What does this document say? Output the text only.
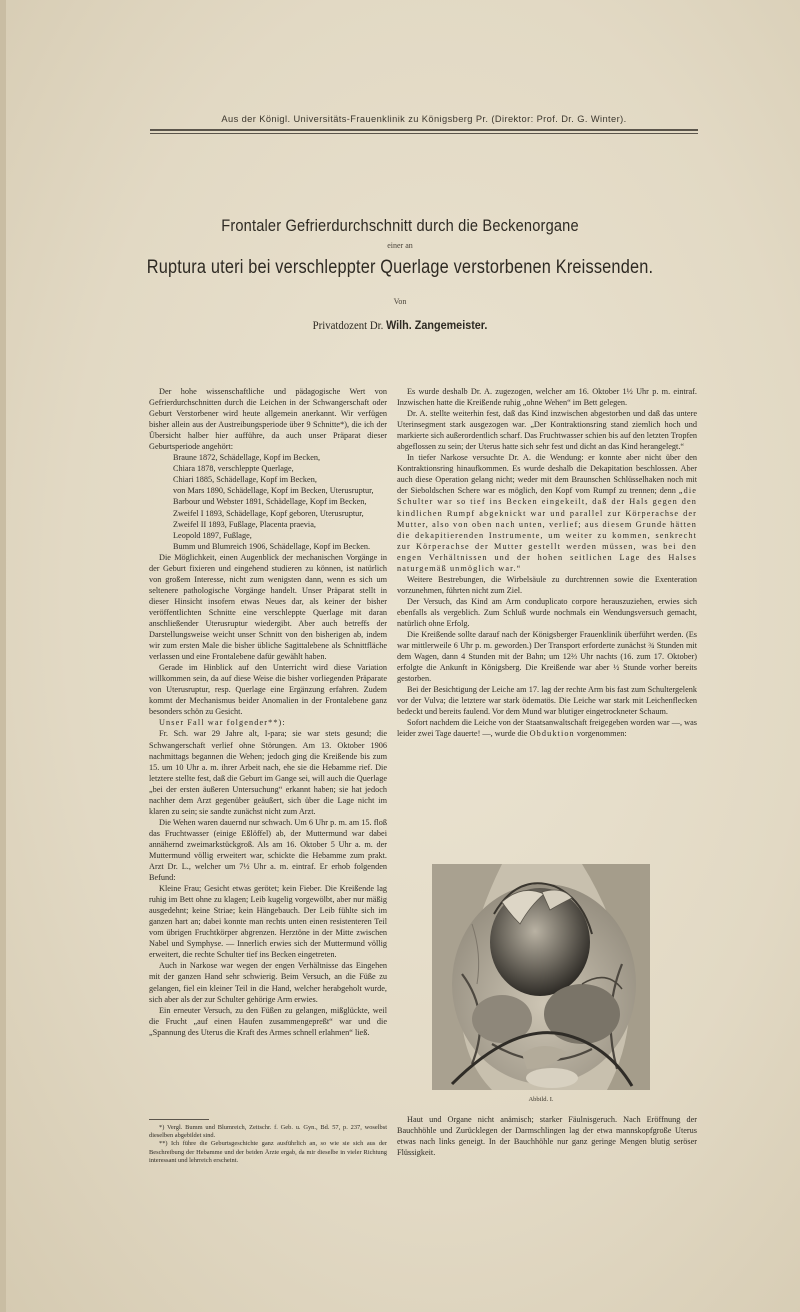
Aus der Königl. Universitäts-Frauenklinik zu Königsberg Pr. (Direktor: Prof. Dr. G. Winter).
Frontaler Gefrierdurchschnitt durch die Beckenorgane
einer an
Ruptura uteri bei verschleppter Querlage verstorbenen Kreissenden.
Von
Privatdozent Dr. Wilh. Zangemeister.

Der hohe wissenschaftliche und pädagogische Wert von Gefrierdurchschnitten durch die Leichen in der Schwangerschaft oder Geburt Verstorbener wird heute allgemein anerkannt. Wir verfügen bisher allein aus der Austreibungsperiode über 9 Schnitte*), die ich der Übersicht halber hier aufführe, da auch unser Präparat dieser Geburtsperiode angehört:

Braune 1872, Schädellage, Kopf im Becken,

Chiara 1878, verschleppte Querlage,

Chiari 1885, Schädellage, Kopf im Becken,

von Mars 1890, Schädellage, Kopf im Becken, Uterusruptur,

Barbour und Webster 1891, Schädellage, Kopf im Becken,

Zweifel I 1893, Schädellage, Kopf geboren, Uterusruptur,

Zweifel II 1893, Fußlage, Placenta praevia,

Leopold 1897, Fußlage,

Bumm und Blumreich 1906, Schädellage, Kopf im Becken.

Die Möglichkeit, einen Augenblick der mechanischen Vorgänge in der Geburt fixieren und eingehend studieren zu können, ist natürlich von großem Interesse, nicht zum wenigsten dann, wenn es sich um seltenere pathologische Vorgänge handelt. Unser Präparat stellt in dieser Hinsicht insofern etwas Neues dar, als keiner der bisher veröffentlichten Schnitte eine verschleppte Querlage mit daran anschließender Uterusruptur wiedergibt. Aber auch betreffs der Darstellungsweise weicht unser Schnitt von den bisherigen ab, indem wir zum ersten Male die bisher übliche Sagittalebene als Schnittfläche verlassen und eine Frontalebene dafür gewählt haben.

Gerade im Hinblick auf den Unterricht wird diese Variation willkommen sein, da auf diese Weise die bisher vorliegenden Präparate von Uterusruptur, resp. Querlage eine Ergänzung erfahren. Zudem kommt der Mechanismus beider Anomalien in der Frontalebene ganz besonders schön zu Gesicht.

Unser Fall war folgender**):

Fr. Sch. war 29 Jahre alt, I-para; sie war stets gesund; die Schwangerschaft verlief ohne Störungen. Am 13. Oktober 1906 nachmittags begannen die Wehen; jedoch ging die Kreißende bis zum 15. um 10 Uhr a. m. ihrer Arbeit nach, ehe sie die Hebamme rief. Die letztere stellte fest, daß die Geburt im Gange sei, will auch die Querlage „bei der ersten äußeren Untersuchung“ erkannt haben; sie hat jedoch nachher dem Arzt gegenüber geäußert, sich über die Lage nicht im klaren zu sein; sie sandte zunächst nicht zum Arzt.

Die Wehen waren dauernd nur schwach. Um 6 Uhr p. m. am 15. floß das Fruchtwasser (einige Eßlöffel) ab, der Muttermund war dabei annähernd zweimarkstückgroß. Als am 16. Oktober 5 Uhr a. m. der Muttermund völlig erweitert war, schickte die Hebamme zum prakt. Arzt Dr. L., welcher um 7½ Uhr a. m. eintraf. Er erhob folgenden Befund:

Kleine Frau; Gesicht etwas gerötet; kein Fieber. Die Kreißende lag ruhig im Bett ohne zu klagen; Leib kugelig vorgewölbt, aber nur mäßig ausgedehnt; keine Striae; kein Hängebauch. Der Leib fühlte sich im ganzen hart an; dabei konnte man rechts unten einen resistenteren Teil vom übrigen Fruchtkörper abgrenzen. Herztöne in der Mitte zwischen Nabel und Symphyse. — Innerlich erwies sich der Muttermund völlig erweitert, die rechte Schulter tief ins Becken eingetreten.

Auch in Narkose war wegen der engen Verhältnisse das Eingehen mit der ganzen Hand sehr schwierig. Beim Versuch, an die Füße zu gelangen, fiel ein kleiner Teil in die Hand, welcher herabgeholt wurde, sich aber als der zur Schulter gehörige Arm erwies.

Ein erneuter Versuch, zu den Füßen zu gelangen, mißglückte, weil die Frucht „auf einen Haufen zusammengepreßt“ war und die „Spannung des Uterus die Kraft des Armes schnell erlahmen“ ließ.

*) Vergl. Bumm und Blumreich, Zeitschr. f. Geb. u. Gyn., Bd. 57, p. 237, woselbst dieselben abgebildet sind.

**) Ich führe die Geburtsgeschichte ganz ausführlich an, so wie sie sich aus der Beschreibung der Hebamme und der beiden Ärzte ergab, da mir dieselbe in vieler Richtung interessant und lehrreich erscheint.

Es wurde deshalb Dr. A. zugezogen, welcher am 16. Oktober 1½ Uhr p. m. eintraf. Inzwischen hatte die Kreißende ruhig „ohne Wehen“ im Bett gelegen.

Dr. A. stellte weiterhin fest, daß das Kind inzwischen abgestorben und daß das untere Uterinsegment stark ausgezogen war. „Der Kontraktionsring stand ziemlich hoch und markierte sich außerordentlich scharf. Das Fruchtwasser schien bis auf den letzten Tropfen abgeflossen zu sein; der Uterus hatte sich sehr fest und dicht an das Kind herangelegt.“

In tiefer Narkose versuchte Dr. A. die Wendung: er konnte aber nicht über den Kontraktionsring hinaufkommen. Es wurde deshalb die Dekapitation beschlossen. Aber auch diese Operation gelang nicht; weder mit dem Braunschen Schlüsselhaken noch mit der Sieboldschen Schere war es möglich, den Kopf vom Rumpf zu trennen; denn „die Schulter war so tief ins Becken eingekeilt, daß der Hals gegen den kindlichen Rumpf abgeknickt war und parallel zur Körperachse der Mutter, also von oben nach unten, verlief; aus diesem Grunde hätten die dekapitierenden Instrumente, um weiter zu kommen, senkrecht zur Körperachse der Mutter gestellt werden müssen, was bei den engen Verhältnissen und der hohen seitlichen Lage des Halses naturgemäß unmöglich war.“

Weitere Bestrebungen, die Wirbelsäule zu durchtrennen sowie die Exenteration vorzunehmen, führten nicht zum Ziel.

Der Versuch, das Kind am Arm conduplicato corpore herauszuziehen, erwies sich ebenfalls als vergeblich. Zum Schluß wurde nochmals ein Wendungsversuch gemacht, natürlich ohne Erfolg.

Die Kreißende sollte darauf nach der Königsberger Frauenklinik überführt werden. (Es war mittlerweile 6 Uhr p. m. geworden.) Der Transport erforderte zunächst ¾ Stunden mit dem Wagen, dann 4 Stunden mit der Bahn; um 12⅔ Uhr nachts (16. zum 17. Oktober) erfolgte die Ankunft in Königsberg. Die Kreißende war aber ½ Stunde vorher bereits gestorben.

Bei der Besichtigung der Leiche am 17. lag der rechte Arm bis fast zum Schultergelenk vor der Vulva; die letztere war stark ödematös. Die Leiche war stark mit Leichenflecken bedeckt und bereits faulend. Vor dem Mund war blutiger eingetrockneter Schaum.

Sofort nachdem die Leiche von der Staatsanwaltschaft freigegeben worden war —, was leider zwei Tage dauerte! —, wurde die Obduktion vorgenommen:

Abbild. I.

Haut und Organe nicht anämisch; starker Fäulnisgeruch. Nach Eröffnung der Bauchhöhle und Zurücklegen der Darmschlingen lag der etwa mannskopfgroße Uterus etwas nach links geneigt. In der Bauchhöhle nur ganz geringe Mengen blutig seröser Flüssigkeit.
